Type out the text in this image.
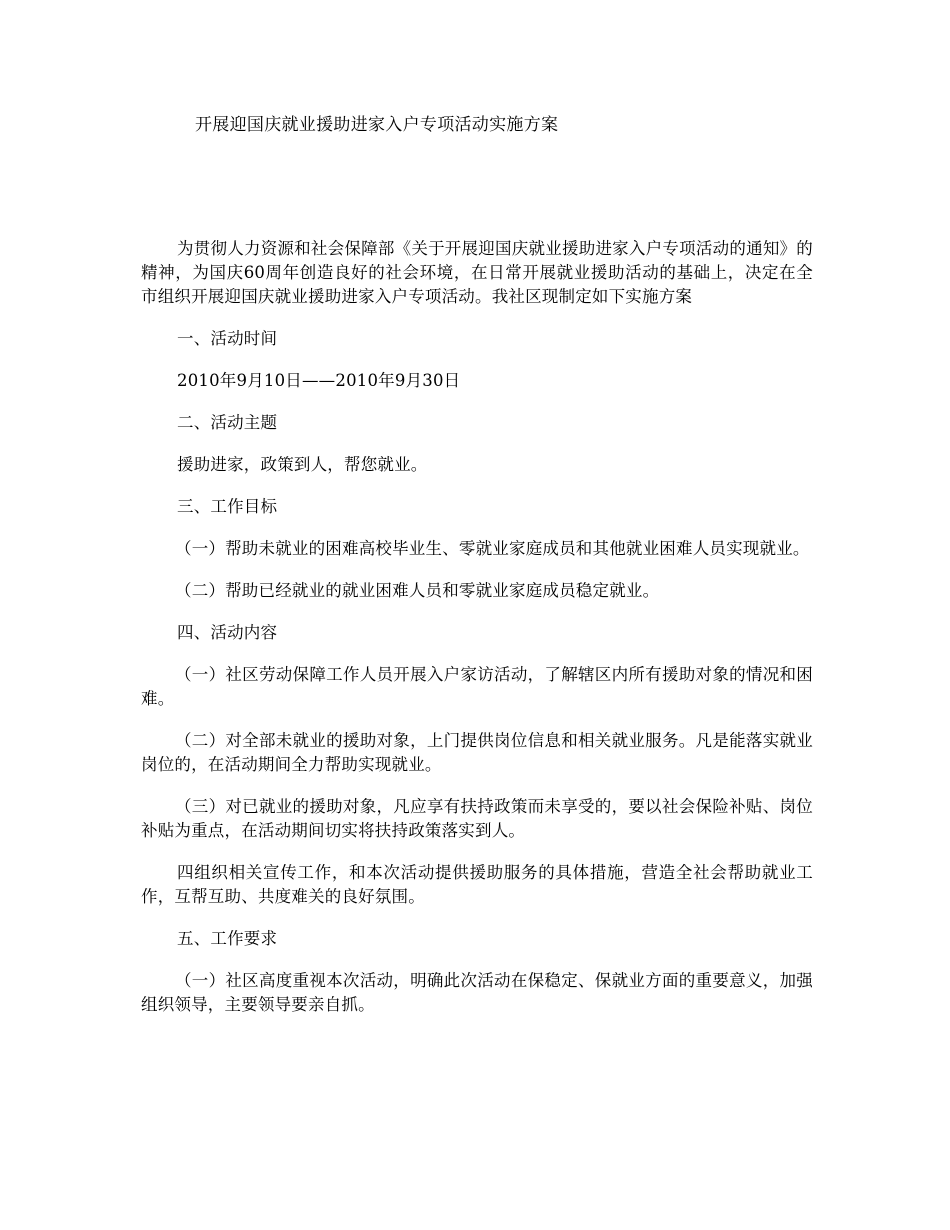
开展迎国庆就业援助进家入户专项活动实施方案

为贯彻人力资源和社会保障部《关于开展迎国庆就业援助进家入户专项活动的通知》的精神，为国庆60周年创造良好的社会环境，在日常开展就业援助活动的基础上，决定在全市组织开展迎国庆就业援助进家入户专项活动。我社区现制定如下实施方案

一、活动时间

2010年9月10日——2010年9月30日

二、活动主题

援助进家，政策到人，帮您就业。

三、工作目标

（一）帮助未就业的困难高校毕业生、零就业家庭成员和其他就业困难人员实现就业。

（二）帮助已经就业的就业困难人员和零就业家庭成员稳定就业。

四、活动内容

（一）社区劳动保障工作人员开展入户家访活动，了解辖区内所有援助对象的情况和困难。

（二）对全部未就业的援助对象，上门提供岗位信息和相关就业服务。凡是能落实就业岗位的，在活动期间全力帮助实现就业。

（三）对已就业的援助对象，凡应享有扶持政策而未享受的，要以社会保险补贴、岗位补贴为重点，在活动期间切实将扶持政策落实到人。

四组织相关宣传工作，和本次活动提供援助服务的具体措施，营造全社会帮助就业工作，互帮互助、共度难关的良好氛围。

五、工作要求

（一）社区高度重视本次活动，明确此次活动在保稳定、保就业方面的重要意义，加强组织领导，主要领导要亲自抓。
